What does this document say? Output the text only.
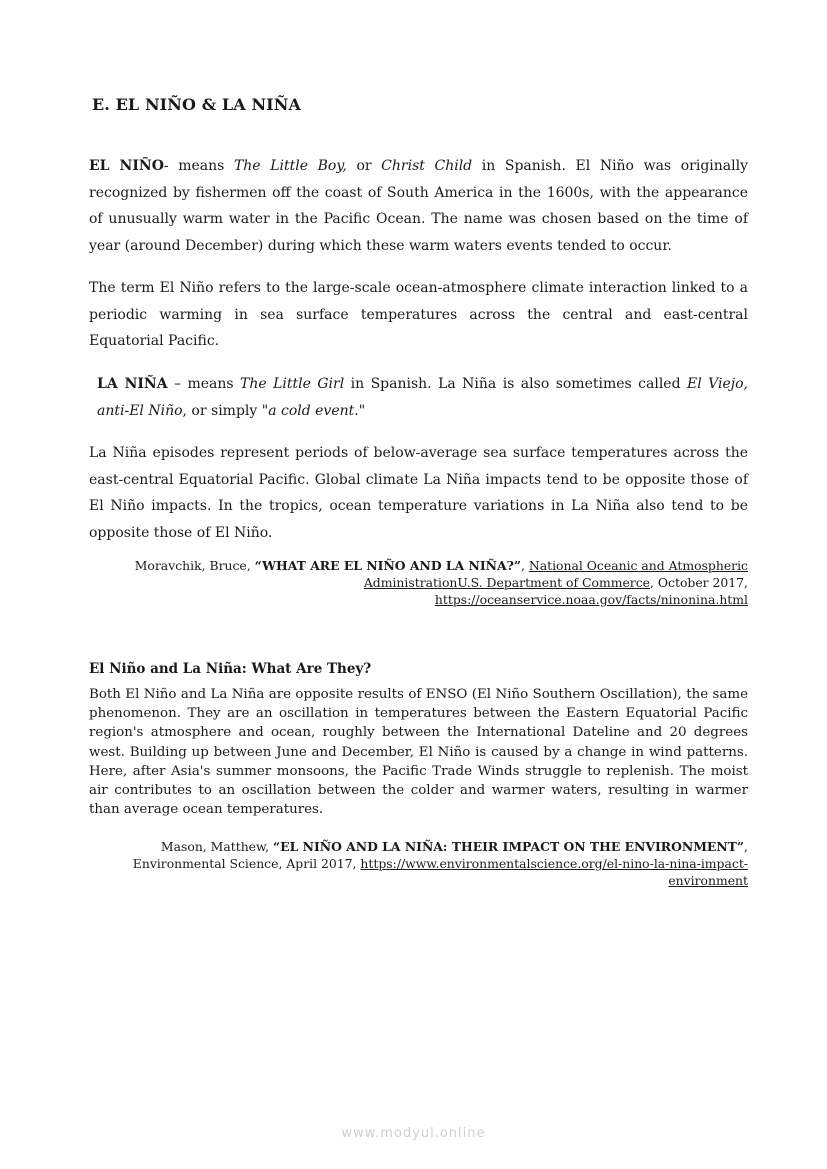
E. EL NIÑO & LA NIÑA

EL NIÑO- means The Little Boy, or Christ Child in Spanish. El Niño was originally recognized by fishermen off the coast of South America in the 1600s, with the appearance of unusually warm water in the Pacific Ocean. The name was chosen based on the time of year (around December) during which these warm waters events tended to occur.

The term El Niño refers to the large-scale ocean-atmosphere climate interaction linked to a periodic warming in sea surface temperatures across the central and east-central Equatorial Pacific.

LA NIÑA – means The Little Girl in Spanish. La Niña is also sometimes called El Viejo, anti-El Niño, or simply "a cold event."

La Niña episodes represent periods of below-average sea surface temperatures across the east-central Equatorial Pacific. Global climate La Niña impacts tend to be opposite those of El Niño impacts. In the tropics, ocean temperature variations in La Niña also tend to be opposite those of El Niño.

Moravchik, Bruce, “WHAT ARE EL NIÑO AND LA NIÑA?”, National Oceanic and Atmospheric AdministrationU.S. Department of Commerce, October 2017, https://oceanservice.noaa.gov/facts/ninonina.html

El Niño and La Niña: What Are They?

Both El Niño and La Niña are opposite results of ENSO (El Niño Southern Oscillation), the same phenomenon. They are an oscillation in temperatures between the Eastern Equatorial Pacific region's atmosphere and ocean, roughly between the International Dateline and 20 degrees west. Building up between June and December, El Niño is caused by a change in wind patterns. Here, after Asia's summer monsoons, the Pacific Trade Winds struggle to replenish. The moist air contributes to an oscillation between the colder and warmer waters, resulting in warmer than average ocean temperatures.

Mason, Matthew, “EL NIÑO AND LA NIÑA: THEIR IMPACT ON THE ENVIRONMENT”,
Environmental Science, April 2017, https://www.environmentalscience.org/el-nino-la-nina-impact-environment

www.modyul.online
